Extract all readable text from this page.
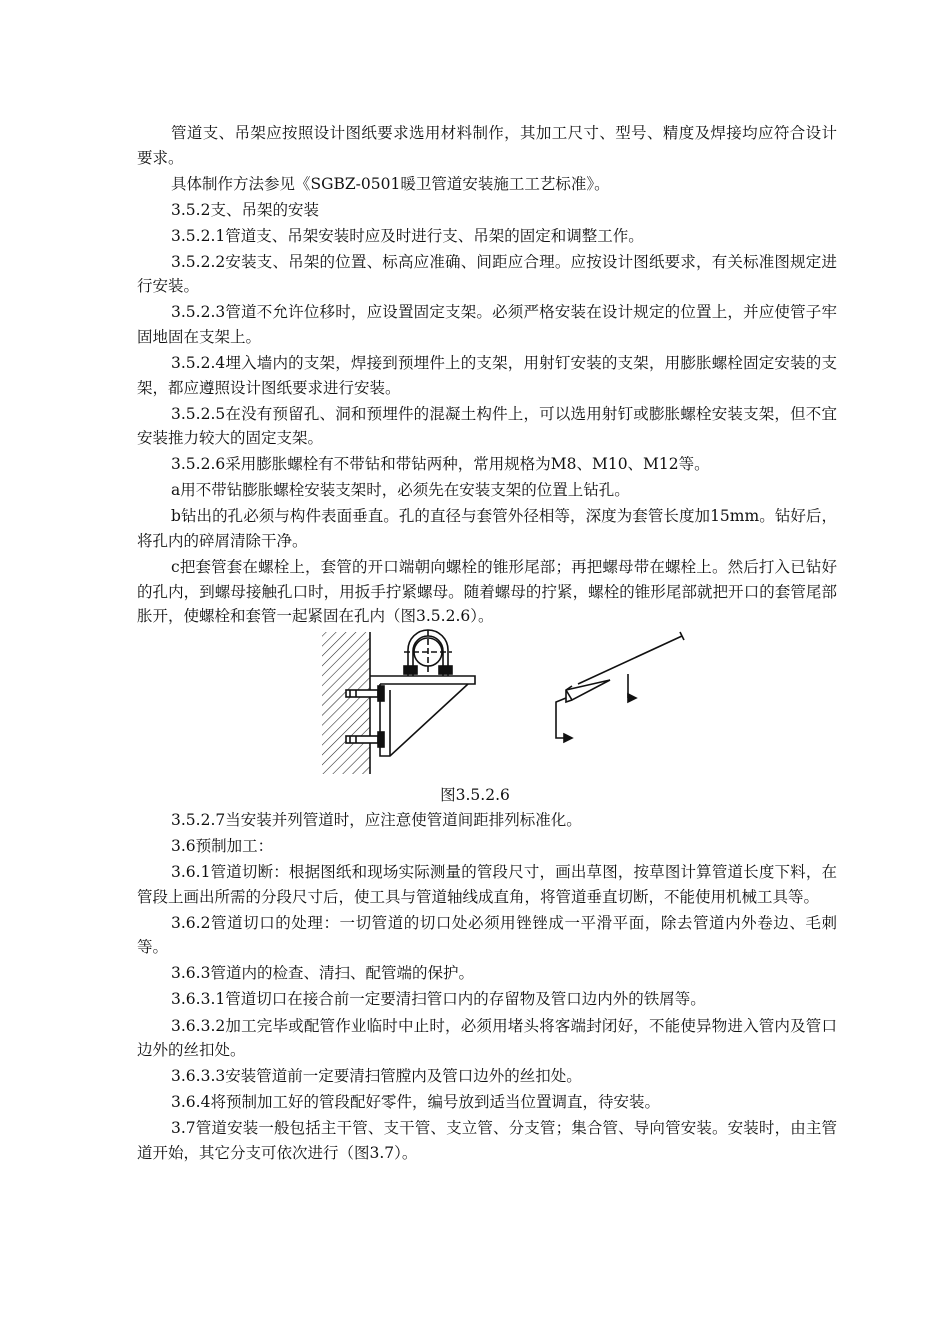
管道支、吊架应按照设计图纸要求选用材料制作，其加工尺寸、型号、精度及焊接均应符合设计要求。

具体制作方法参见《SGBZ-0501暖卫管道安装施工工艺标准》。

3.5.2支、吊架的安装

3.5.2.1管道支、吊架安装时应及时进行支、吊架的固定和调整工作。

3.5.2.2安装支、吊架的位置、标高应准确、间距应合理。应按设计图纸要求，有关标准图规定进行安装。

3.5.2.3管道不允许位移时，应设置固定支架。必须严格安装在设计规定的位置上，并应使管子牢固地固在支架上。

3.5.2.4埋入墙内的支架，焊接到预埋件上的支架，用射钉安装的支架，用膨胀螺栓固定安装的支架，都应遵照设计图纸要求进行安装。

3.5.2.5在没有预留孔、洞和预埋件的混凝土构件上，可以选用射钉或膨胀螺栓安装支架，但不宜安装推力较大的固定支架。

3.5.2.6采用膨胀螺栓有不带钻和带钻两种，常用规格为M8、M10、M12等。

a用不带钻膨胀螺栓安装支架时，必须先在安装支架的位置上钻孔。

b钻出的孔必须与构件表面垂直。孔的直径与套管外径相等，深度为套管长度加15mm。钻好后，将孔内的碎屑清除干净。

c把套管套在螺栓上，套管的开口端朝向螺栓的锥形尾部；再把螺母带在螺栓上。然后打入已钻好的孔内，到螺母接触孔口时，用扳手拧紧螺母。随着螺母的拧紧，螺栓的锥形尾部就把开口的套管尾部胀开，使螺栓和套管一起紧固在孔内（图3.5.2.6）。

图3.5.2.6

3.5.2.7当安装并列管道时，应注意使管道间距排列标准化。

3.6预制加工：

3.6.1管道切断：根据图纸和现场实际测量的管段尺寸，画出草图，按草图计算管道长度下料，在管段上画出所需的分段尺寸后，使工具与管道轴线成直角，将管道垂直切断，不能使用机械工具等。

3.6.2管道切口的处理：一切管道的切口处必须用锉锉成一平滑平面，除去管道内外卷边、毛刺等。

3.6.3管道内的检查、清扫、配管端的保护。

3.6.3.1管道切口在接合前一定要清扫管口内的存留物及管口边内外的铁屑等。

3.6.3.2加工完毕或配管作业临时中止时，必须用堵头将客端封闭好，不能使异物进入管内及管口边外的丝扣处。

3.6.3.3安装管道前一定要清扫管膛内及管口边外的丝扣处。

3.6.4将预制加工好的管段配好零件，编号放到适当位置调直，待安装。

3.7管道安装一般包括主干管、支干管、支立管、分支管；集合管、导向管安装。安装时，由主管道开始，其它分支可依次进行（图3.7）。
